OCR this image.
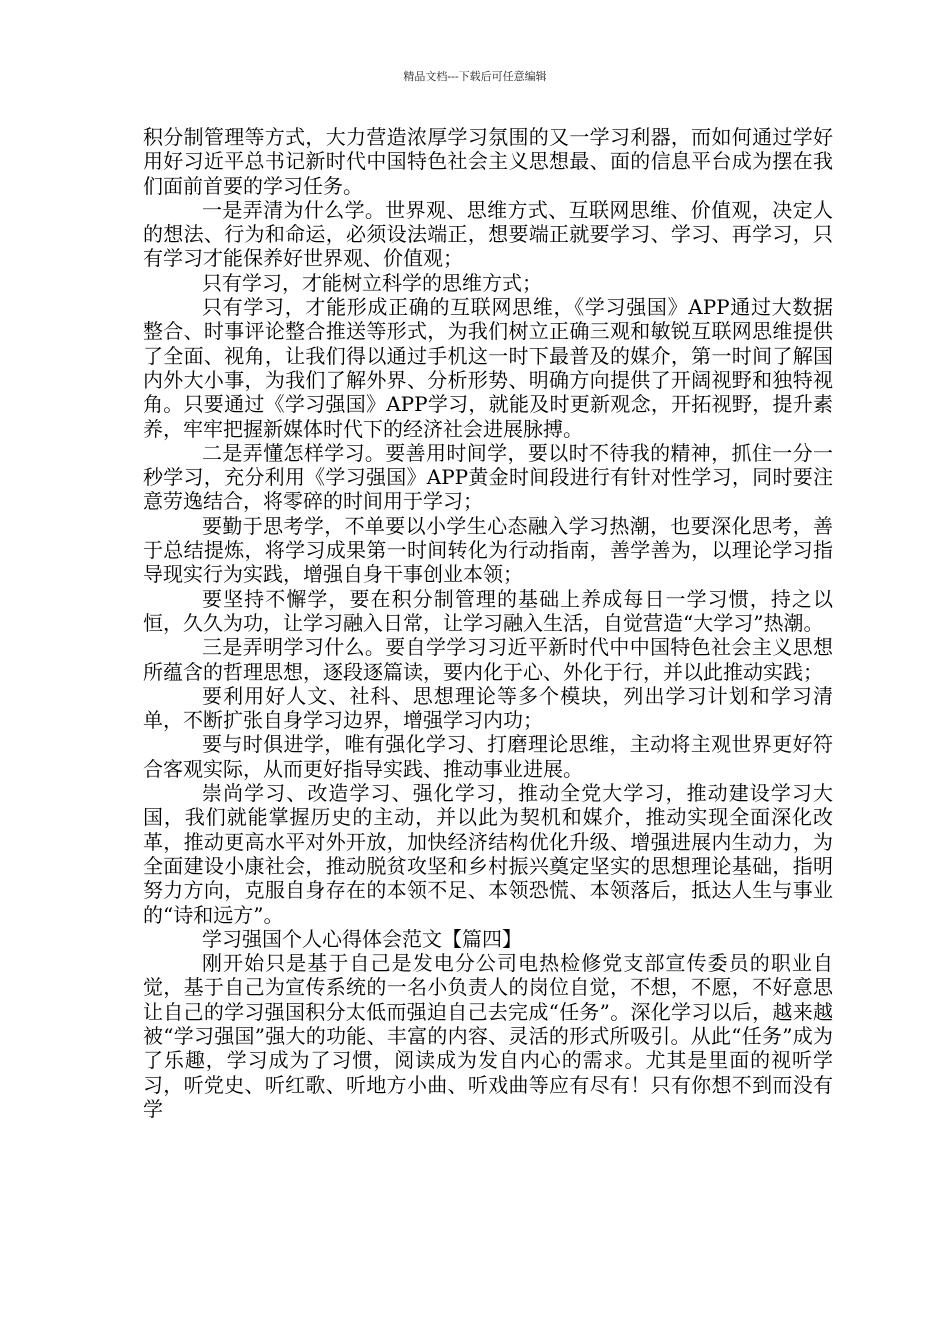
精品文档---下载后可任意编辑

积分制管理等方式，大力营造浓厚学习氛围的又一学习利器，而如何通过学好用好习近平总书记新时代中国特色社会主义思想最、面的信息平台成为摆在我们面前首要的学习任务。

一是弄清为什么学。世界观、思维方式、互联网思维、价值观，决定人的想法、行为和命运，必须设法端正，想要端正就要学习、学习、再学习，只有学习才能保养好世界观、价值观；

只有学习，才能树立科学的思维方式；

只有学习，才能形成正确的互联网思维，《学习强国》APP通过大数据整合、时事评论整合推送等形式，为我们树立正确三观和敏锐互联网思维提供了全面、视角，让我们得以通过手机这一时下最普及的媒介，第一时间了解国内外大小事，为我们了解外界、分析形势、明确方向提供了开阔视野和独特视角。只要通过《学习强国》APP学习，就能及时更新观念，开拓视野，提升素养，牢牢把握新媒体时代下的经济社会进展脉搏。

二是弄懂怎样学习。要善用时间学，要以时不待我的精神，抓住一分一秒学习，充分利用《学习强国》APP黄金时间段进行有针对性学习，同时要注意劳逸结合，将零碎的时间用于学习；

要勤于思考学，不单要以小学生心态融入学习热潮，也要深化思考，善于总结提炼，将学习成果第一时间转化为行动指南，善学善为，以理论学习指导现实行为实践，增强自身干事创业本领；

要坚持不懈学，要在积分制管理的基础上养成每日一学习惯，持之以恒，久久为功，让学习融入日常，让学习融入生活，自觉营造“大学习”热潮。

三是弄明学习什么。要自学学习习近平新时代中中国特色社会主义思想所蕴含的哲理思想，逐段逐篇读，要内化于心、外化于行，并以此推动实践；

要利用好人文、社科、思想理论等多个模块，列出学习计划和学习清单，不断扩张自身学习边界，增强学习内功；

要与时俱进学，唯有强化学习、打磨理论思维，主动将主观世界更好符合客观实际，从而更好指导实践、推动事业进展。

崇尚学习、改造学习、强化学习，推动全党大学习，推动建设学习大国，我们就能掌握历史的主动，并以此为契机和媒介，推动实现全面深化改革，推动更高水平对外开放，加快经济结构优化升级、增强进展内生动力，为全面建设小康社会，推动脱贫攻坚和乡村振兴奠定坚实的思想理论基础，指明努力方向，克服自身存在的本领不足、本领恐慌、本领落后，抵达人生与事业的“诗和远方”。

学习强国个人心得体会范文【篇四】

刚开始只是基于自己是发电分公司电热检修党支部宣传委员的职业自觉，基于自己为宣传系统的一名小负责人的岗位自觉，不想，不愿，不好意思让自己的学习强国积分太低而强迫自己去完成“任务”。深化学习以后，越来越被“学习强国”强大的功能、丰富的内容、灵活的形式所吸引。从此“任务”成为了乐趣，学习成为了习惯，阅读成为发自内心的需求。尤其是里面的视听学习，听党史、听红歌、听地方小曲、听戏曲等应有尽有！只有你想不到而没有学
